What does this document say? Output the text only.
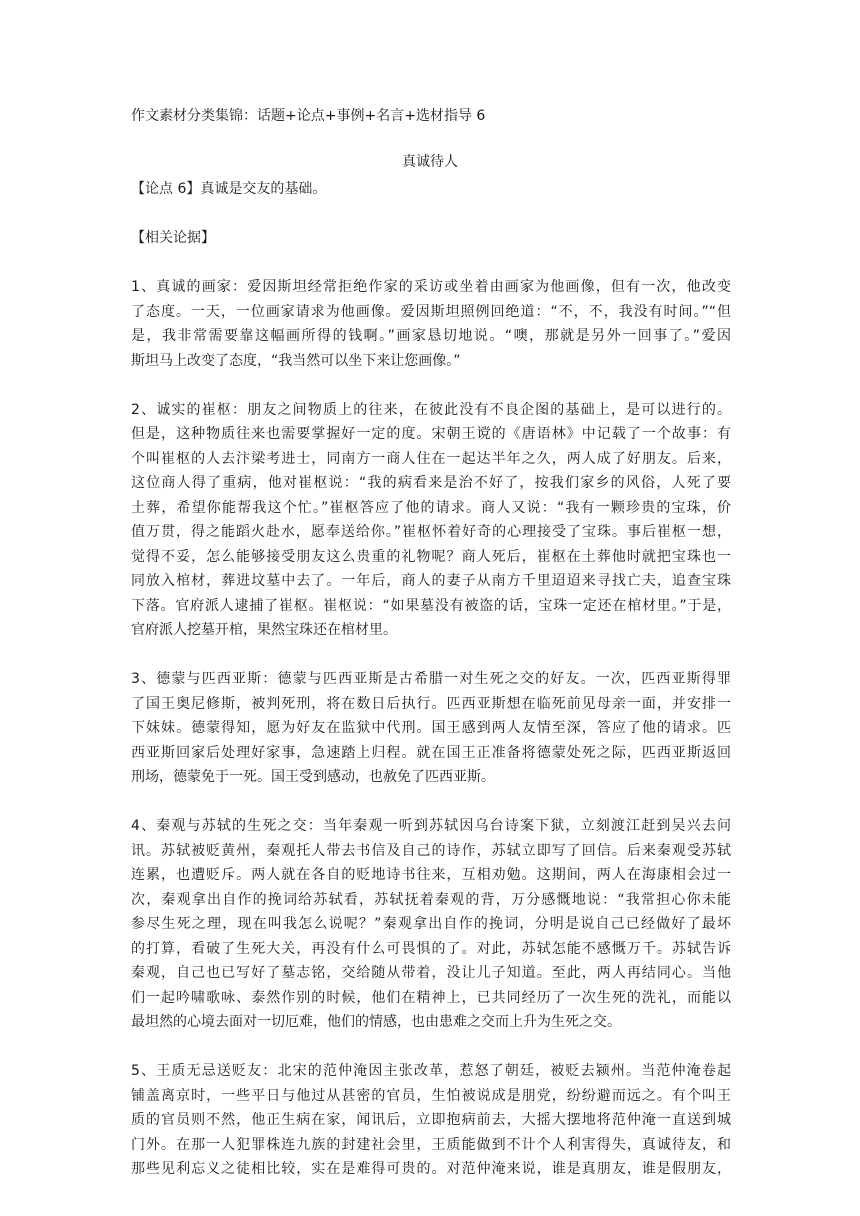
作文素材分类集锦：话题+论点+事例+名言+选材指导 6
真诚待人
【论点 6】真诚是交友的基础。
【相关论据】
1、真诚的画家：爱因斯坦经常拒绝作家的采访或坐着由画家为他画像，但有一次，他改变
了态度。一天，一位画家请求为他画像。爱因斯坦照例回绝道：“不，不，我没有时间。”“但
是，我非常需要靠这幅画所得的钱啊。”画家恳切地说。“噢，那就是另外一回事了。”爱因
斯坦马上改变了态度，“我当然可以坐下来让您画像。”
2、诚实的崔枢：朋友之间物质上的往来，在彼此没有不良企图的基础上，是可以进行的。
但是，这种物质往来也需要掌握好一定的度。宋朝王谠的《唐语林》中记载了一个故事：有
个叫崔枢的人去汴梁考进士，同南方一商人住在一起达半年之久，两人成了好朋友。后来，
这位商人得了重病，他对崔枢说：“我的病看来是治不好了，按我们家乡的风俗，人死了要
土葬，希望你能帮我这个忙。”崔枢答应了他的请求。商人又说：“我有一颗珍贵的宝珠，价
值万贯，得之能蹈火赴水，愿奉送给你。”崔枢怀着好奇的心理接受了宝珠。事后崔枢一想，
觉得不妥，怎么能够接受朋友这么贵重的礼物呢？商人死后，崔枢在土葬他时就把宝珠也一
同放入棺材，葬进坟墓中去了。一年后，商人的妻子从南方千里迢迢来寻找亡夫，追查宝珠
下落。官府派人逮捕了崔枢。崔枢说：“如果墓没有被盗的话，宝珠一定还在棺材里。”于是，
官府派人挖墓开棺，果然宝珠还在棺材里。
3、德蒙与匹西亚斯：德蒙与匹西亚斯是古希腊一对生死之交的好友。一次，匹西亚斯得罪
了国王奥尼修斯，被判死刑，将在数日后执行。匹西亚斯想在临死前见母亲一面，并安排一
下妹妹。德蒙得知，愿为好友在监狱中代刑。国王感到两人友情至深，答应了他的请求。匹
西亚斯回家后处理好家事，急速踏上归程。就在国王正准备将德蒙处死之际，匹西亚斯返回
刑场，德蒙免于一死。国王受到感动，也赦免了匹西亚斯。
4、秦观与苏轼的生死之交：当年秦观一听到苏轼因乌台诗案下狱，立刻渡江赶到吴兴去问
讯。苏轼被贬黄州，秦观托人带去书信及自己的诗作，苏轼立即写了回信。后来秦观受苏轼
连累，也遭贬斥。两人就在各自的贬地诗书往来，互相劝勉。这期间，两人在海康相会过一
次，秦观拿出自作的挽词给苏轼看，苏轼抚着秦观的背，万分感慨地说：“我常担心你未能
参尽生死之理，现在叫我怎么说呢？”秦观拿出自作的挽词，分明是说自己已经做好了最坏
的打算，看破了生死大关，再没有什么可畏惧的了。对此，苏轼怎能不感慨万千。苏轼告诉
秦观，自己也已写好了墓志铭，交给随从带着，没让儿子知道。至此，两人再结同心。当他
们一起吟啸歌咏、泰然作别的时候，他们在精神上，已共同经历了一次生死的洗礼，而能以
最坦然的心境去面对一切厄难，他们的情感，也由患难之交而上升为生死之交。
5、王质无忌送贬友：北宋的范仲淹因主张改革，惹怒了朝廷，被贬去颍州。当范仲淹卷起
铺盖离京时，一些平日与他过从甚密的官员，生怕被说成是朋党，纷纷避而远之。有个叫王
质的官员则不然，他正生病在家，闻讯后，立即抱病前去，大摇大摆地将范仲淹一直送到城
门外。在那一人犯罪株连九族的封建社会里，王质能做到不计个人利害得失，真诚待友，和
那些见利忘义之徒相比较，实在是难得可贵的。对范仲淹来说，谁是真朋友，谁是假朋友，
